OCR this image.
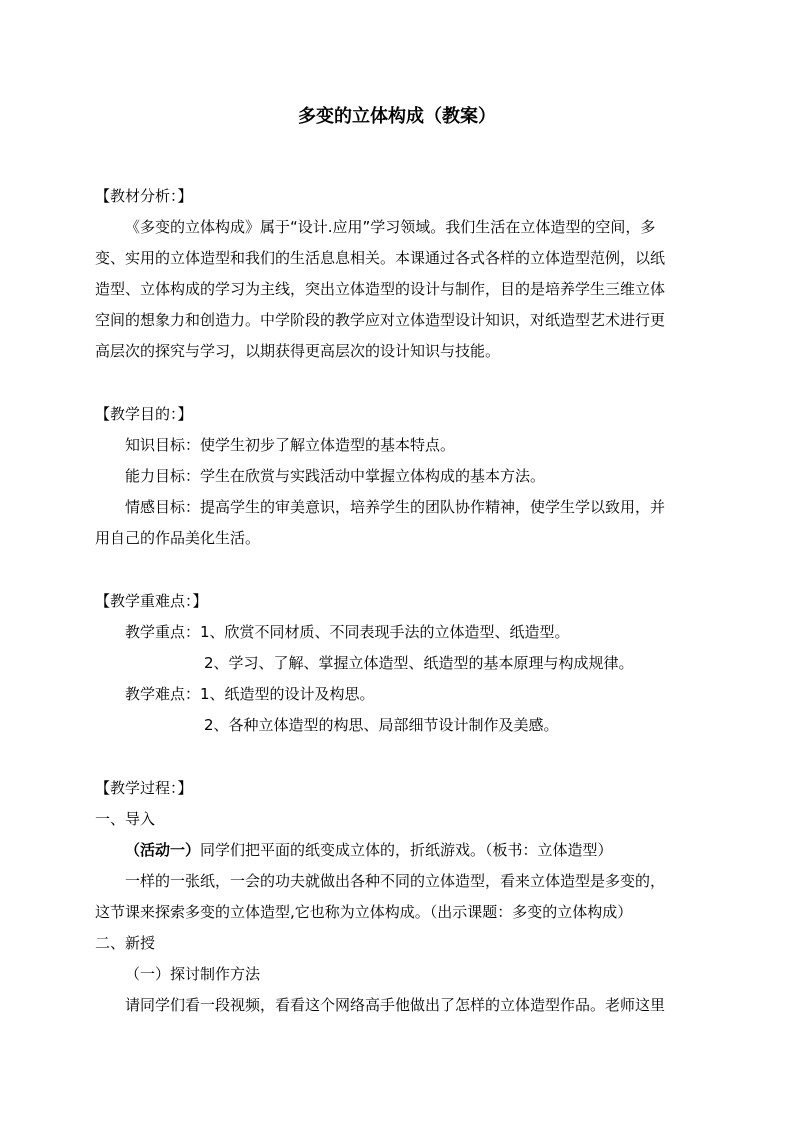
多变的立体构成（教案）
【教材分析：】
《多变的立体构成》属于“设计.应用”学习领域。我们生活在立体造型的空间，多
变、实用的立体造型和我们的生活息息相关。本课通过各式各样的立体造型范例，以纸
造型、立体构成的学习为主线，突出立体造型的设计与制作，目的是培养学生三维立体
空间的想象力和创造力。中学阶段的教学应对立体造型设计知识，对纸造型艺术进行更
高层次的探究与学习，以期获得更高层次的设计知识与技能。
【教学目的：】
知识目标：使学生初步了解立体造型的基本特点。
能力目标：学生在欣赏与实践活动中掌握立体构成的基本方法。
情感目标：提高学生的审美意识，培养学生的团队协作精神，使学生学以致用，并
用自己的作品美化生活。
【教学重难点：】
教学重点：1、欣赏不同材质、不同表现手法的立体造型、纸造型。
2、学习、了解、掌握立体造型、纸造型的基本原理与构成规律。
教学难点：1、纸造型的设计及构思。
2、各种立体造型的构思、局部细节设计制作及美感。
【教学过程：】
一、导入
（活动一）同学们把平面的纸变成立体的，折纸游戏。（板书：立体造型）
一样的一张纸，一会的功夫就做出各种不同的立体造型，看来立体造型是多变的，
这节课来探索多变的立体造型,它也称为立体构成。（出示课题：多变的立体构成）
二、新授
（一）探讨制作方法
请同学们看一段视频，看看这个网络高手他做出了怎样的立体造型作品。老师这里
